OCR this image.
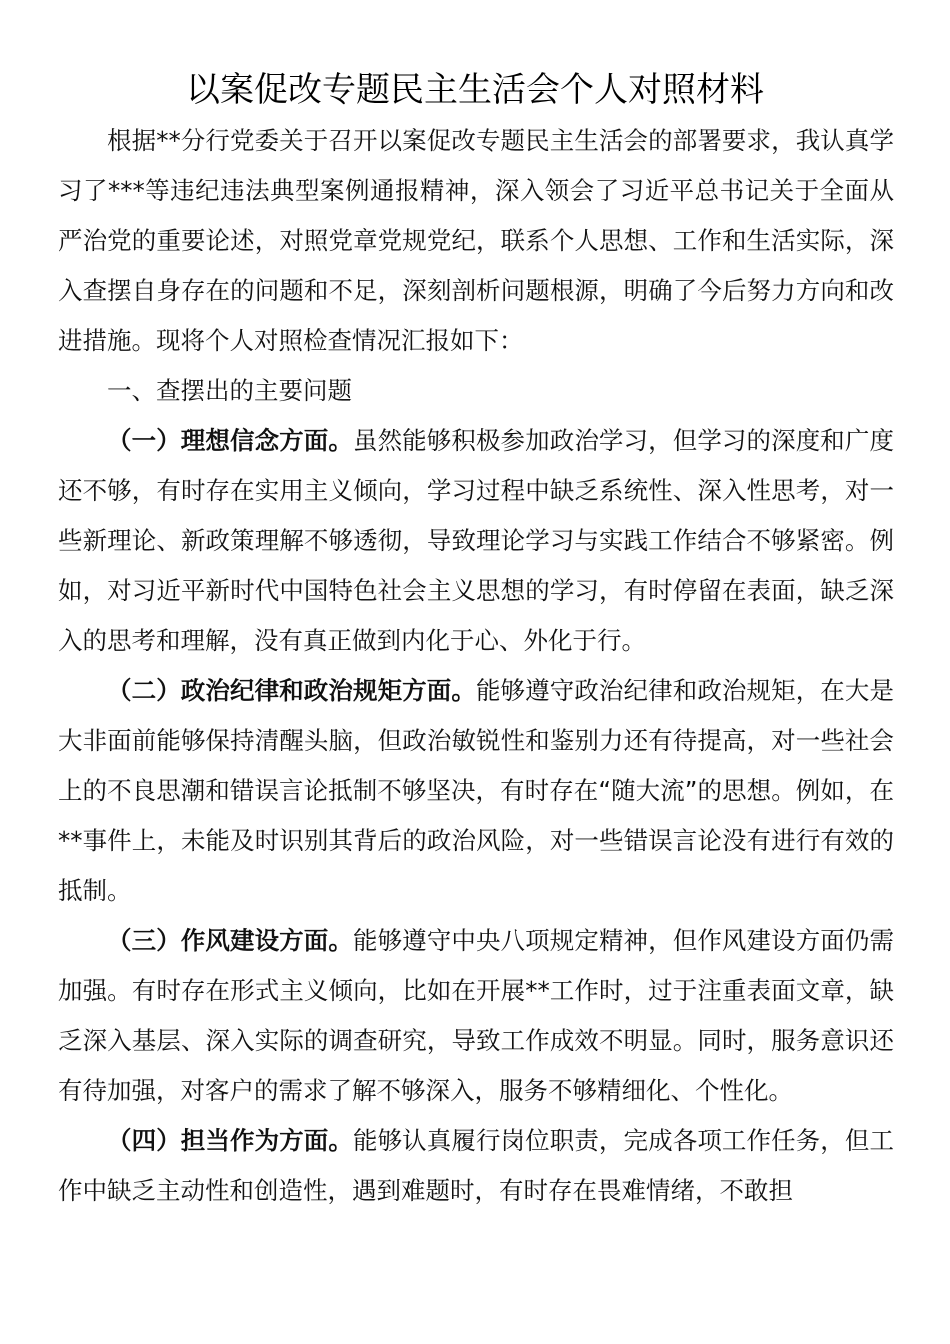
以案促改专题民主生活会个人对照材料

根据**分行党委关于召开以案促改专题民主生活会的部署要求，我认真学习了***等违纪违法典型案例通报精神，深入领会了习近平总书记关于全面从严治党的重要论述，对照党章党规党纪，联系个人思想、工作和生活实际，深入查摆自身存在的问题和不足，深刻剖析问题根源，明确了今后努力方向和改进措施。现将个人对照检查情况汇报如下：

一、查摆出的主要问题

（一）理想信念方面。虽然能够积极参加政治学习，但学习的深度和广度还不够，有时存在实用主义倾向，学习过程中缺乏系统性、深入性思考，对一些新理论、新政策理解不够透彻，导致理论学习与实践工作结合不够紧密。例如，对习近平新时代中国特色社会主义思想的学习，有时停留在表面，缺乏深入的思考和理解，没有真正做到内化于心、外化于行。

（二）政治纪律和政治规矩方面。能够遵守政治纪律和政治规矩，在大是大非面前能够保持清醒头脑，但政治敏锐性和鉴别力还有待提高，对一些社会上的不良思潮和错误言论抵制不够坚决，有时存在“随大流”的思想。例如，在**事件上，未能及时识别其背后的政治风险，对一些错误言论没有进行有效的抵制。

（三）作风建设方面。能够遵守中央八项规定精神，但作风建设方面仍需加强。有时存在形式主义倾向，比如在开展**工作时，过于注重表面文章，缺乏深入基层、深入实际的调查研究，导致工作成效不明显。同时，服务意识还有待加强，对客户的需求了解不够深入，服务不够精细化、个性化。

（四）担当作为方面。能够认真履行岗位职责，完成各项工作任务，但工作中缺乏主动性和创造性，遇到难题时，有时存在畏难情绪，不敢担
